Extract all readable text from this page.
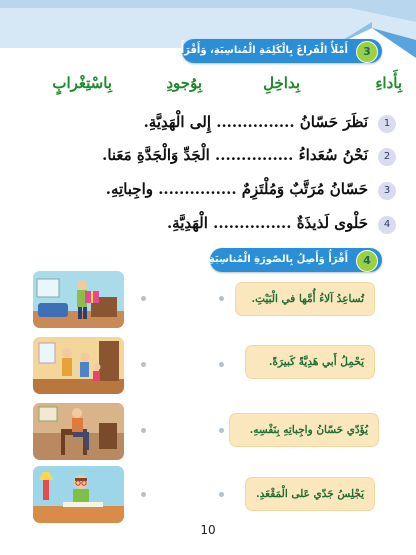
أَمْلَأُ الْفَراغَ بِالْكَلِمَةِ الْمُناسِبَةِ، وَأَقْرَأُ	3
بِأَداءِ
بِداخِلِ
بِوُجودِ
بِاسْتِغْرابٍ
1
نَظَرَ حَسّانُ ............... إِلى الْهَدِيَّةِ.
2
نَحْنُ سُعَداءُ ............... الْجَدِّ وَالْجَدَّةِ مَعَنا.
3
حَسّانُ مُرَتَّبٌ وَمُلْتَزِمٌ ............... واجِباتِهِ.
4
حَلْوى لَذيذَةٌ ............... الْهَدِيَّةِ.
أَقْرَأُ وَأَصِلُ بِالصّورَةِ الْمُناسِبَةِ	4
تُساعِدُ آلاءُ أُمَّها في الْبَيْتِ.
يَحْمِلُ أَبي هَدِيَّةً كَبيرَةً.
يُؤَدّي حَسّانُ واجِباتِهِ بِنَفْسِهِ.
يَجْلِسُ جَدّي عَلى الْمَقْعَدِ.
10
